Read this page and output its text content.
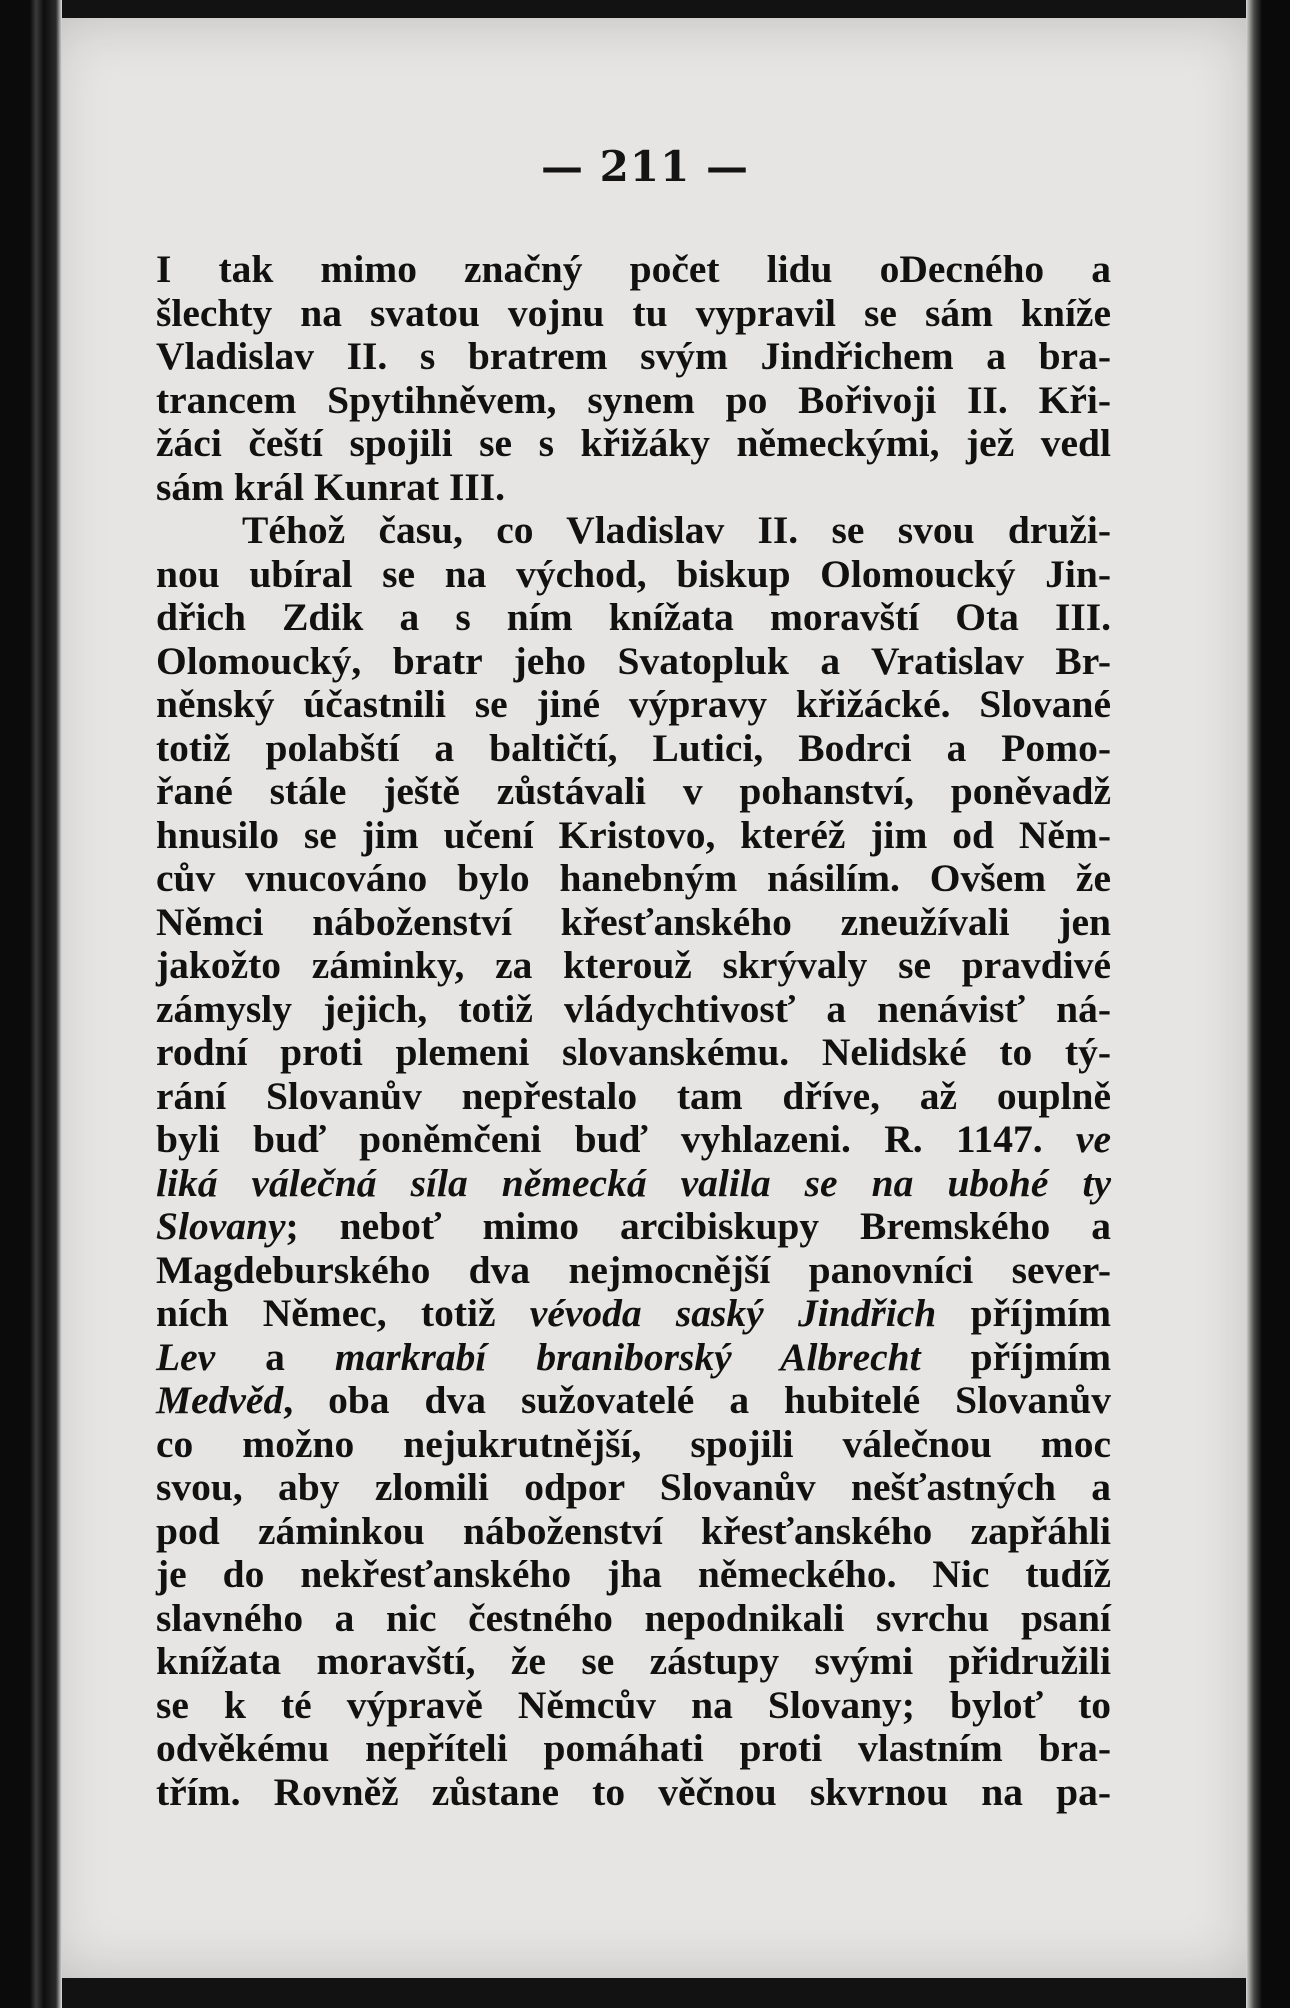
— 211 —
I tak mimo značný počet lidu oDecného a
šlechty na svatou vojnu tu vypravil se sám kníže
Vladislav II. s bratrem svým Jindřichem a bra-
trancem Spytihněvem, synem po Bořivoji II. Kři-
žáci čeští spojili se s křižáky německými, jež vedl
sám král Kunrat III.
Téhož času, co Vladislav II. se svou druži-
nou ubíral se na východ, biskup Olomoucký Jin-
dřich Zdik a s ním knížata moravští Ota III.
Olomoucký, bratr jeho Svatopluk a Vratislav Br-
něnský účastnili se jiné výpravy křižácké. Slované
totiž polabští a baltičtí, Lutici, Bodrci a Pomo-
řané stále ještě zůstávali v pohanství, poněvadž
hnusilo se jim učení Kristovo, kteréž jim od Něm-
cův vnucováno bylo hanebným násilím. Ovšem že
Němci náboženství křesťanského zneužívali jen
jakožto záminky, za kterouž skrývaly se pravdivé
zámysly jejich, totiž vládychtivosť a nenávisť ná-
rodní proti plemeni slovanskému. Nelidské to tý-
rání Slovanův nepřestalo tam dříve, až ouplně
byli buď poněmčeni buď vyhlazeni. R. 1147. ve
liká válečná síla německá valila se na ubohé ty
Slovany; neboť mimo arcibiskupy Bremského a
Magdeburského dva nejmocnější panovníci sever-
ních Němec, totiž vévoda saský Jindřich příjmím
Lev a markrabí braniborský Albrecht příjmím
Medvěd, oba dva sužovatelé a hubitelé Slovanův
co možno nejukrutnější, spojili válečnou moc
svou, aby zlomili odpor Slovanův nešťastných a
pod záminkou náboženství křesťanského zapřáhli
je do nekřesťanského jha německého. Nic tudíž
slavného a nic čestného nepodnikali svrchu psaní
knížata moravští, že se zástupy svými přidružili
se k té výpravě Němcův na Slovany; byloť to
odvěkému nepříteli pomáhati proti vlastním bra-
třím. Rovněž zůstane to věčnou skvrnou na pa-
